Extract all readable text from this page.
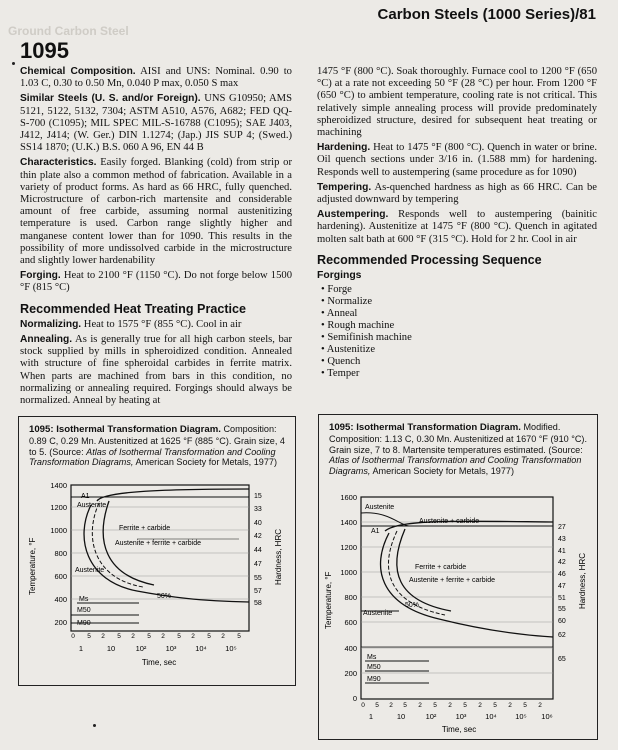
Ground Carbon Steel
Carbon Steels (1000 Series)/81
1095

Chemical Composition. AISI and UNS: Nominal. 0.90 to 1.03 C, 0.30 to 0.50 Mn, 0.040 P max, 0.050 S max

Similar Steels (U. S. and/or Foreign). UNS G10950; AMS 5121, 5122, 5132, 7304; ASTM A510, A576, A682; FED QQ-S-700 (C1095); MIL SPEC MIL-S-16788 (C1095); SAE J403, J412, J414; (W. Ger.) DIN 1.1274; (Jap.) JIS SUP 4; (Swed.) SS14 1870; (U.K.) B.S. 060 A 96, EN 44 B

Characteristics. Easily forged. Blanking (cold) from strip or thin plate also a common method of fabrication. Available in a variety of product forms. As hard as 66 HRC, fully quenched. Microstructure of carbon-rich martensite and considerable amount of free carbide, assuming normal austenitizing temperature is used. Carbon range slightly higher and manganese content lower than for 1090. This results in the possibility of more undissolved carbide in the microstructure and slightly lower hardenability

Forging. Heat to 2100 °F (1150 °C). Do not forge below 1500 °F (815 °C)

Recommended Heat Treating Practice

Normalizing. Heat to 1575 °F (855 °C). Cool in air

Annealing. As is generally true for all high carbon steels, bar stock supplied by mills in spheroidized condition. Annealed with structure of fine spheroidal carbides in ferrite matrix. When parts are machined from bars in this condition, no normalizing or annealing required. Forgings should always be normalized. Anneal by heating at

1475 °F (800 °C). Soak thoroughly. Furnace cool to 1200 °F (650 °C) at a rate not exceeding 50 °F (28 °C) per hour. From 1200 °F (650 °C) to ambient temperature, cooling rate is not critical. This relatively simple annealing process will provide predominately spheroidized structure, desired for subsequent heat treating or machining

Hardening. Heat to 1475 °F (800 °C). Quench in water or brine. Oil quench sections under 3/16 in. (1.588 mm) for hardening. Responds well to austempering (same procedure as for 1090)

Tempering. As-quenched hardness as high as 66 HRC. Can be adjusted downward by tempering

Austempering. Responds well to austempering (bainitic hardening). Austenitize at 1475 °F (800 °C). Quench in agitated molten salt bath at 600 °F (315 °C). Hold for 2 hr. Cool in air

Recommended Processing Sequence
Forgings
• Forge
• Normalize
• Anneal
• Rough machine
• Semifinish machine
• Austenitize
• Quench
• Temper
1095: Isothermal Transformation Diagram. Composition: 0.89 C, 0.29 Mn. Austenitized at 1625 °F (885 °C). Grain size, 4 to 5. (Source: Atlas of Isothermal Transformation and Cooling Transformation Diagrams, American Society for Metals, 1977)
1400
1200
1000
800
600
400
200
Temperature, °F
15
33
40
42
44
47
55
57
58
Hardness, HRC
A1
Austenite
Ferrite + carbide
Austenite + ferrite + carbide
Austenite
Ms
M50
M90
50%
0 5 2 5 2 5 2 5 2 5 2 5
1	10	10²	10³	10⁴ 10⁵
Time, sec
1095: Isothermal Transformation Diagram. Modified. Composition: 1.13 C, 0.30 Mn. Austenitized at 1670 °F (910 °C). Grain size, 7 to 8. Martensite temperatures estimated. (Source: Atlas of Isothermal Transformation and Cooling Transformation Diagrams, American Society for Metals, 1977)
1600
1400
1200
1000
800
600
400
200
0
Temperature, °F
27
43
41
42
46
47
51
55
60
62
65
Hardness, HRC
Austenite
Austenite + carbide
A1
Ferrite + carbide
Austenite + ferrite + carbide
Austenite
50%
Ms
M50
M90
0 5 2 5 2 5 2 5 2 5 2 5 2
1	10	10²	10³	10⁴ 10⁵ 10⁶
Time, sec
